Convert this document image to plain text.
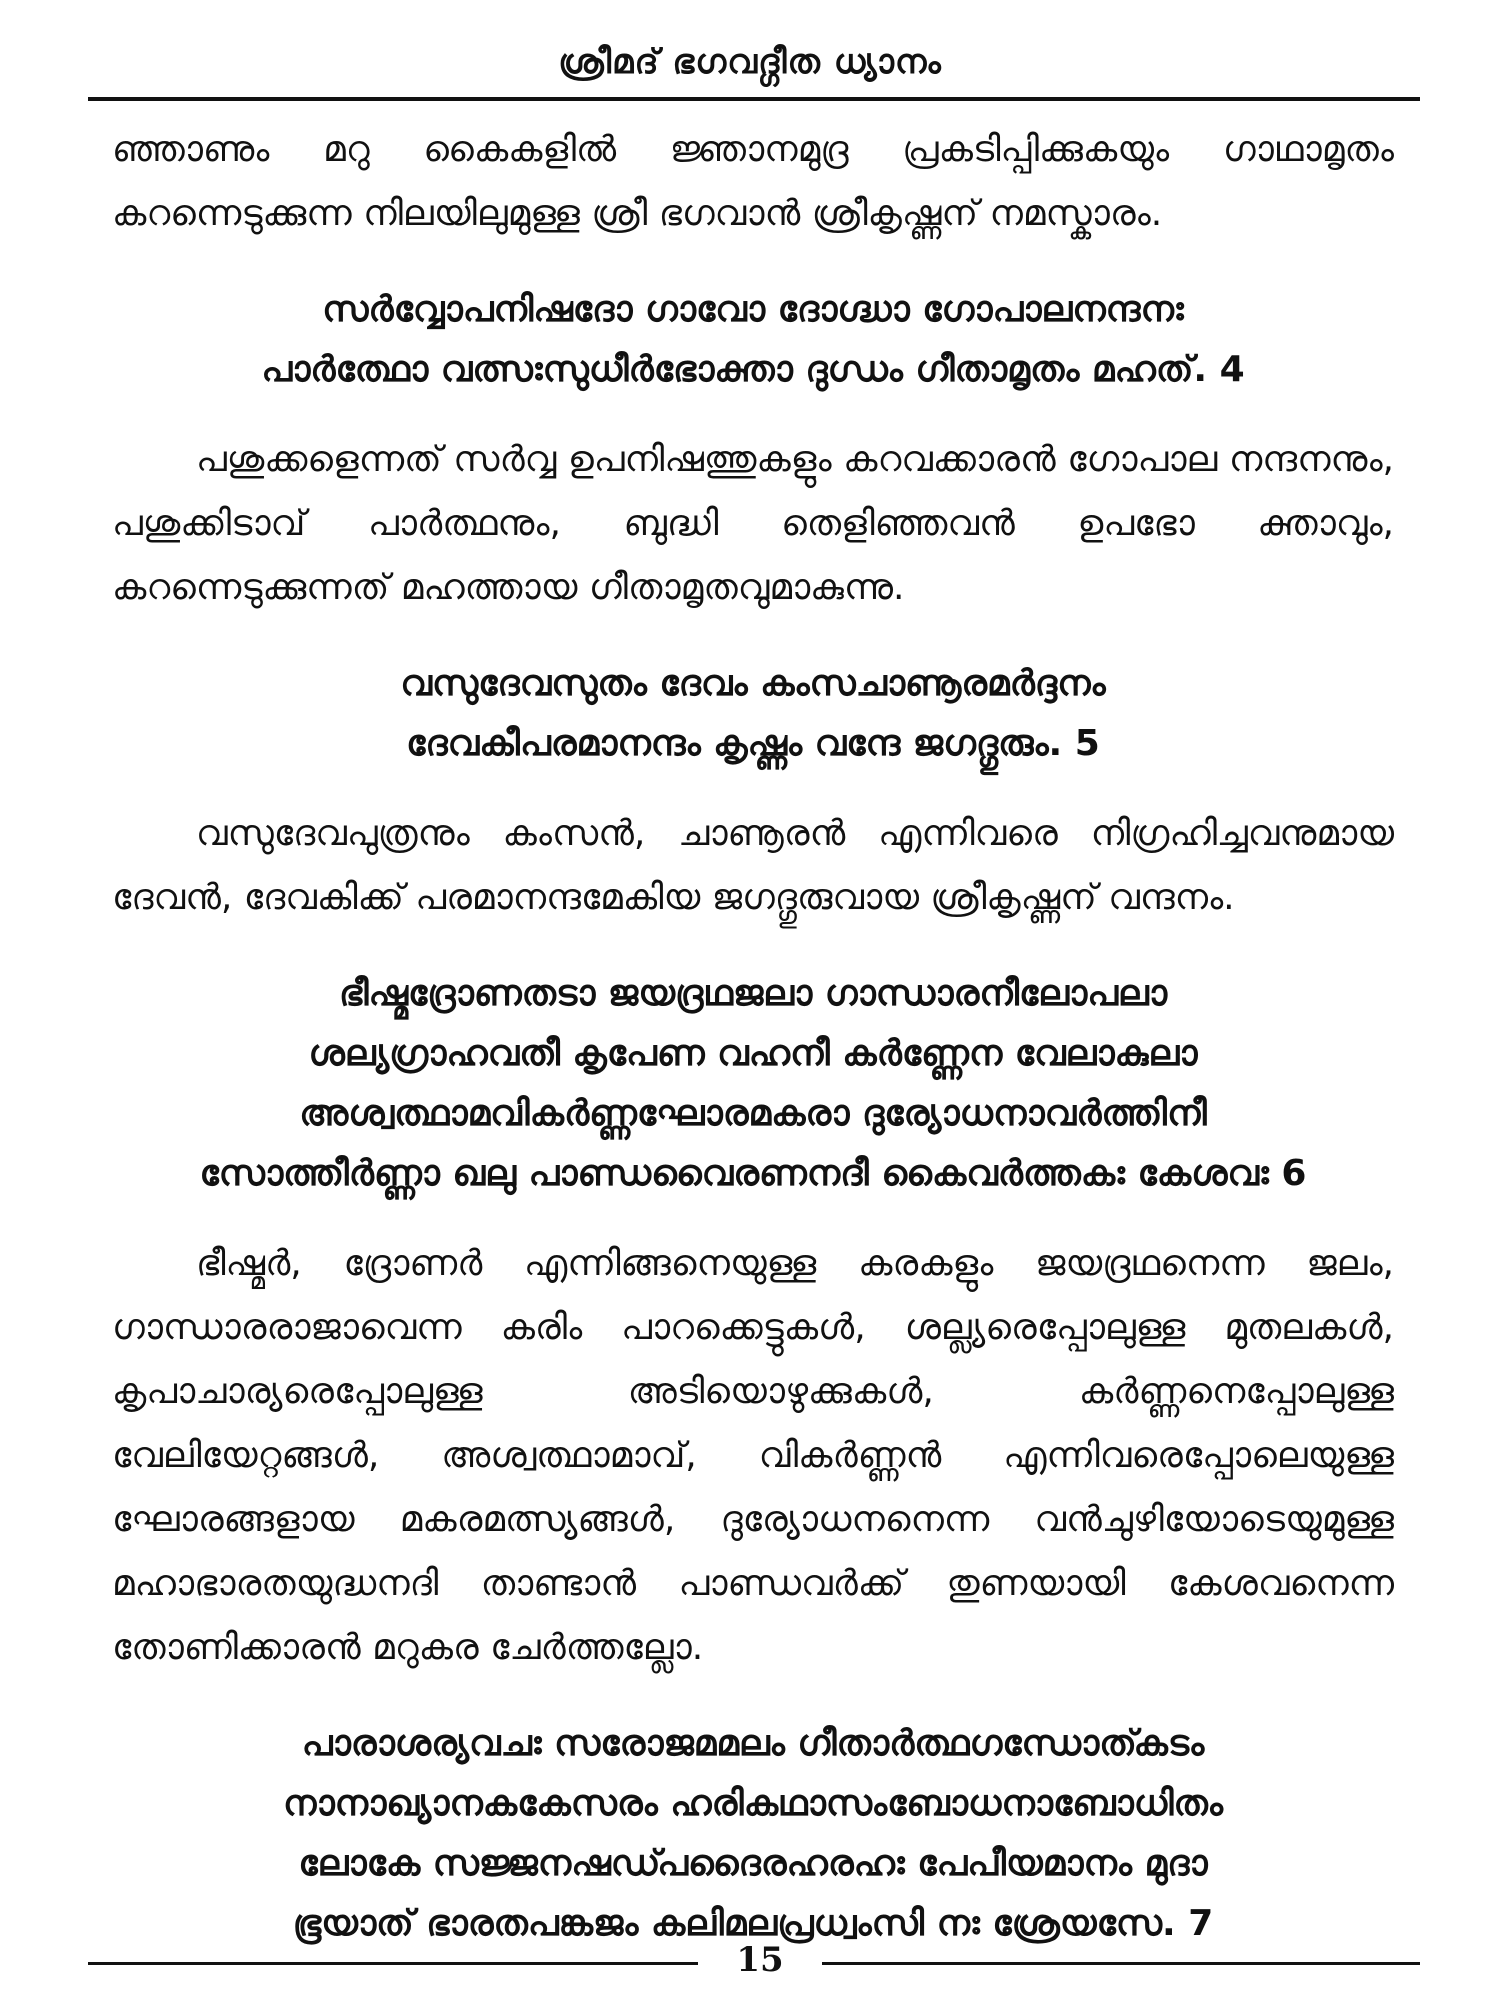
ശ്രീമദ് ഭഗവദ്ഗീത ധ്യാനം

ഞ്ഞാണും മറു കൈകളിൽ ജ്ഞാനമുദ്ര പ്രകടിപ്പിക്കുകയും ഗാഥാമൃതം കറന്നെടുക്കുന്ന നിലയിലുമുള്ള ശ്രീ ഭഗവാൻ ശ്രീകൃഷ്ണന് നമസ്കാരം.

സർവ്വോപനിഷദോ ഗാവോ ദോഗ്ദ്ധാ ഗോപാലനന്ദനഃ
പാർത്ഥോ വത്സഃസുധീർഭോക്താ ദുഗ്ധം ഗീതാമൃതം മഹത്. 4

പശുക്കളെന്നത് സർവ്വ ഉപനിഷത്തുകളും കറവക്കാരൻ ഗോപാല നന്ദനനും, പശുക്കിടാവ് പാർത്ഥനും, ബുദ്ധി തെളിഞ്ഞവൻ ഉപഭോ ക്താവും, കറന്നെടുക്കുന്നത് മഹത്തായ ഗീതാമൃതവുമാകുന്നു.

വസുദേവസുതം ദേവം കംസചാണൂരമർദ്ദനം
ദേവകീപരമാനന്ദം കൃഷ്ണം വന്ദേ ജഗദ്ഗുരും. 5

വസുദേവപുത്രനും കംസൻ, ചാണൂരൻ എന്നിവരെ നിഗ്രഹിച്ചവനുമായ ദേവൻ, ദേവകിക്ക് പരമാനന്ദമേകിയ ജഗദ്ഗുരുവായ ശ്രീകൃഷ്ണന് വന്ദനം.

ഭീഷ്മദ്രോണതടാ ജയദ്രഥജലാ ഗാന്ധാരനീലോപലാ
ശല്യഗ്രാഹവതീ കൃപേണ വഹനീ കർണ്ണേന വേലാകുലാ
അശ്വത്ഥാമവികർണ്ണഘോരമകരാ ദുര്യോധനാവർത്തിനീ
സോത്തീർണ്ണാ ഖലു പാണ്ഡവൈരണനദീ കൈവർത്തകഃ കേശവഃ 6

ഭീഷ്മർ, ദ്രോണർ എന്നിങ്ങനെയുള്ള കരകളും ജയദ്രഥനെന്ന ജലം, ഗാന്ധാരരാജാവെന്ന കരിം പാറക്കെട്ടുകൾ, ശല്ല്യരെപ്പോലുള്ള മുതലകൾ, കൃപാചാര്യരെപ്പോലുള്ള അടിയൊഴുക്കുകൾ, കർണ്ണനെപ്പോലുള്ള വേലിയേറ്റങ്ങൾ, അശ്വത്ഥാമാവ്, വികർണ്ണൻ എന്നിവരെപ്പോലെയുള്ള ഘോരങ്ങളായ മകരമത്സ്യങ്ങൾ, ദുര്യോധനനെന്ന വൻചുഴിയോടെയുമുള്ള മഹാഭാരതയുദ്ധനദി താണ്ടാൻ പാണ്ഡവർക്ക് തുണയായി കേശവനെന്ന തോണിക്കാരൻ മറുകര ചേർത്തല്ലോ.

പാരാശര്യവചഃ സരോജമമലം ഗീതാർത്ഥഗന്ധോത്കടം
നാനാഖ്യാനകകേസരം ഹരികഥാസംബോധനാബോധിതം
ലോകേ സജ്ജനഷഡ്പദൈരഹരഹഃ പേപീയമാനം മുദാ
ഭൂയാത് ഭാരതപങ്കജം കലിമലപ്രധ്വംസി നഃ ശ്രേയസേ. 7
15
